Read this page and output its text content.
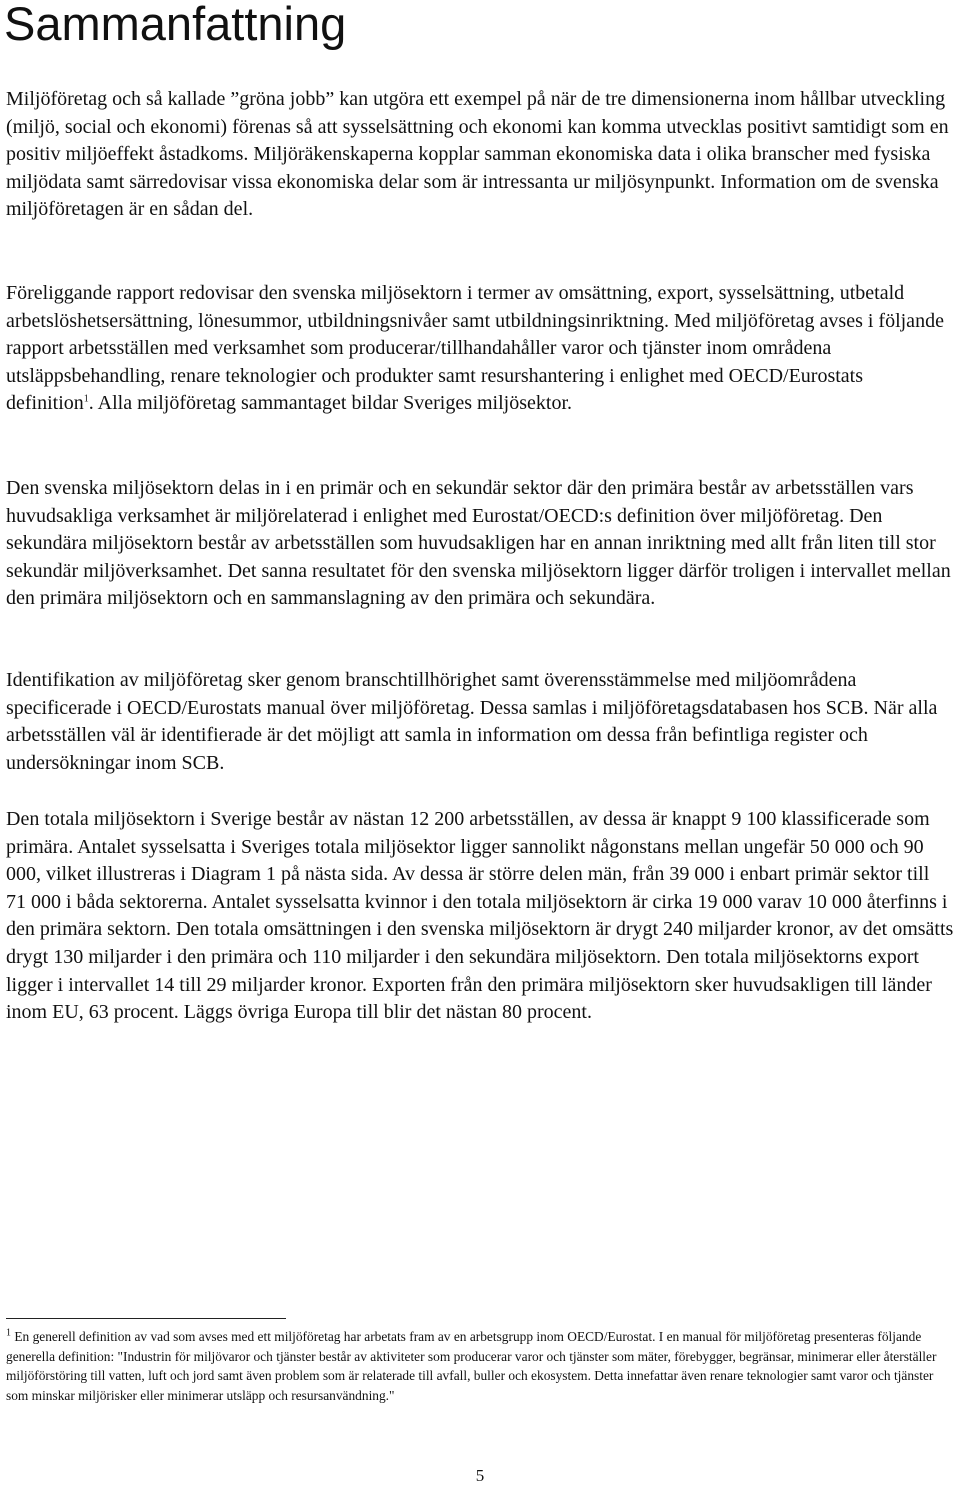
Sammanfattning

Miljöföretag och så kallade ”gröna jobb” kan utgöra ett exempel på när de tre dimensionerna inom hållbar utveckling (miljö, social och ekonomi) förenas så att sysselsättning och ekonomi kan komma utvecklas positivt samtidigt som en positiv miljöeffekt åstadkoms. Miljöräkenskaperna kopplar samman ekonomiska data i olika branscher med fysiska miljödata samt särredovisar vissa ekonomiska delar som är intressanta ur miljösynpunkt. Information om de svenska miljöföretagen är en sådan del.

Föreliggande rapport redovisar den svenska miljösektorn i termer av omsättning, export, sysselsättning, utbetald arbetslöshetsersättning, lönesummor, utbildningsnivåer samt utbildningsinriktning. Med miljöföretag avses i följande rapport arbetsställen med verksamhet som producerar/tillhandahåller varor och tjänster inom områdena utsläppsbehandling, renare teknologier och produkter samt resurshantering i enlighet med OECD/Eurostats definition$^1$. Alla miljöföretag sammantaget bildar Sveriges miljösektor.

Den svenska miljösektorn delas in i en primär och en sekundär sektor där den primära består av arbetsställen vars huvudsakliga verksamhet är miljörelaterad i enlighet med Eurostat/OECD:s definition över miljöföretag. Den sekundära miljösektorn består av arbetsställen som huvudsakligen har en annan inriktning med allt från liten till stor sekundär miljöverksamhet. Det sanna resultatet för den svenska miljösektorn ligger därför troligen i intervallet mellan den primära miljösektorn och en sammanslagning av den primära och sekundära.

Identifikation av miljöföretag sker genom branschtillhörighet samt överensstämmelse med miljöområdena specificerade i OECD/Eurostats manual över miljöföretag. Dessa samlas i miljöföretagsdatabasen hos SCB. När alla arbetsställen väl är identifierade är det möjligt att samla in information om dessa från befintliga register och undersökningar inom SCB.

Den totala miljösektorn i Sverige består av nästan 12 200 arbetsställen, av dessa är knappt 9 100 klassificerade som primära. Antalet sysselsatta i Sveriges totala miljösektor ligger sannolikt någonstans mellan ungefär 50 000 och 90 000, vilket illustreras i Diagram 1 på nästa sida. Av dessa är större delen män, från 39 000 i enbart primär sektor till 71 000 i båda sektorerna. Antalet sysselsatta kvinnor i den totala miljösektorn är cirka 19 000 varav 10 000 återfinns i den primära sektorn. Den totala omsättningen i den svenska miljösektorn är drygt 240 miljarder kronor, av det omsätts drygt 130 miljarder i den primära och 110 miljarder i den sekundära miljösektorn. Den totala miljösektorns export ligger i intervallet 14 till 29 miljarder kronor. Exporten från den primära miljösektorn sker huvudsakligen till länder inom EU, 63 procent. Läggs övriga Europa till blir det nästan 80 procent.

$^1$ En generell definition av vad som avses med ett miljöföretag har arbetats fram av en arbetsgrupp inom OECD/Eurostat. I en manual för miljöföretag presenteras följande generella definition: "Industrin för miljövaror och tjänster består av aktiviteter som producerar varor och tjänster som mäter, förebygger, begränsar, minimerar eller återställer miljöförstöring till vatten, luft och jord samt även problem som är relaterade till avfall, buller och ekosystem. Detta innefattar även renare teknologier samt varor och tjänster som minskar miljörisker eller minimerar utsläpp och resursanvändning."

5
